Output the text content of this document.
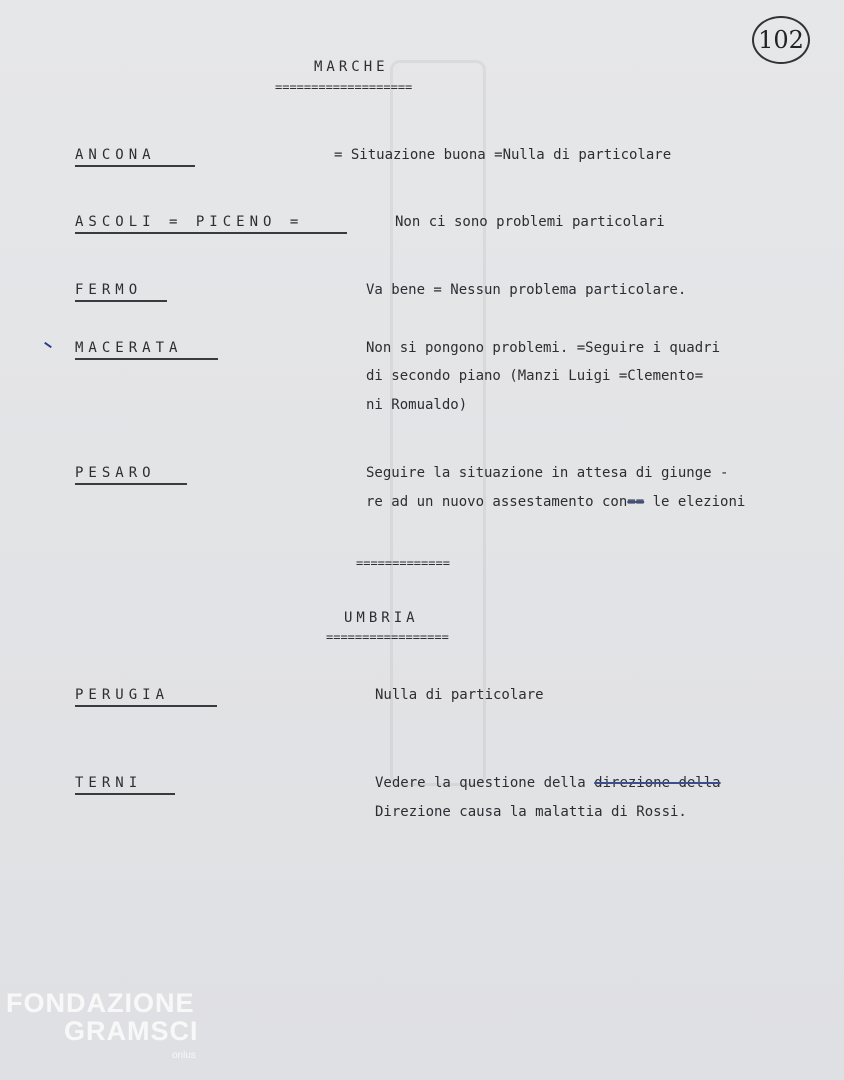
102
MARCHE
===================
ANCONA	= Situazione buona =Nulla di particolare
ASCOLI = PICENO =	Non ci sono problemi particolari
FERMO	Va bene = Nessun problema particolare.
MACERATA	Non si pongono problemi. =Seguire i quadri
di secondo piano (Manzi Luigi =Clemento=
ni Romualdo)
PESARO	Seguire la situazione in attesa di giunge -
re ad un nuovo assestamento con== le elezioni
=============
UMBRIA
=================
PERUGIA	Nulla di particolare
TERNI	Vedere la questione della direzione della
Direzione causa la malattia di Rossi.
FONDAZIONE
GRAMSCI
onlus
